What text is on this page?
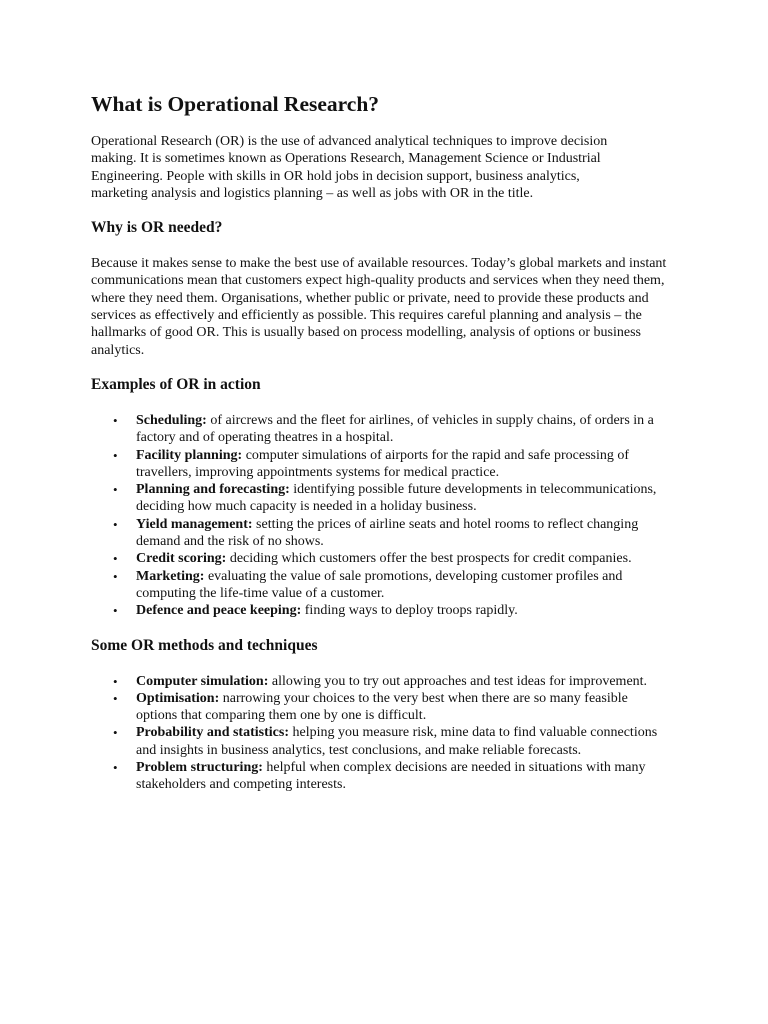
What is Operational Research?

Operational Research (OR) is the use of advanced analytical techniques to improve decision making. It is sometimes known as Operations Research, Management Science or Industrial Engineering. People with skills in OR hold jobs in decision support, business analytics, marketing analysis and logistics planning – as well as jobs with OR in the title.

Why is OR needed?

Because it makes sense to make the best use of available resources. Today’s global markets and instant communications mean that customers expect high-quality products and services when they need them, where they need them. Organisations, whether public or private, need to provide these products and services as effectively and efficiently as possible. This requires careful planning and analysis – the hallmarks of good OR. This is usually based on process modelling, analysis of options or business analytics.

Examples of OR in action
• Scheduling: of aircrews and the fleet for airlines, of vehicles in supply chains, of orders in a factory and of operating theatres in a hospital.
• Facility planning: computer simulations of airports for the rapid and safe processing of travellers, improving appointments systems for medical practice.
• Planning and forecasting: identifying possible future developments in telecommunications, deciding how much capacity is needed in a holiday business.
• Yield management: setting the prices of airline seats and hotel rooms to reflect changing demand and the risk of no shows.
• Credit scoring: deciding which customers offer the best prospects for credit companies.
• Marketing: evaluating the value of sale promotions, developing customer profiles and computing the life-time value of a customer.
• Defence and peace keeping: finding ways to deploy troops rapidly.
Some OR methods and techniques
• Computer simulation: allowing you to try out approaches and test ideas for improvement.
• Optimisation: narrowing your choices to the very best when there are so many feasible options that comparing them one by one is difficult.
• Probability and statistics: helping you measure risk, mine data to find valuable connections and insights in business analytics, test conclusions, and make reliable forecasts.
• Problem structuring: helpful when complex decisions are needed in situations with many stakeholders and competing interests.
